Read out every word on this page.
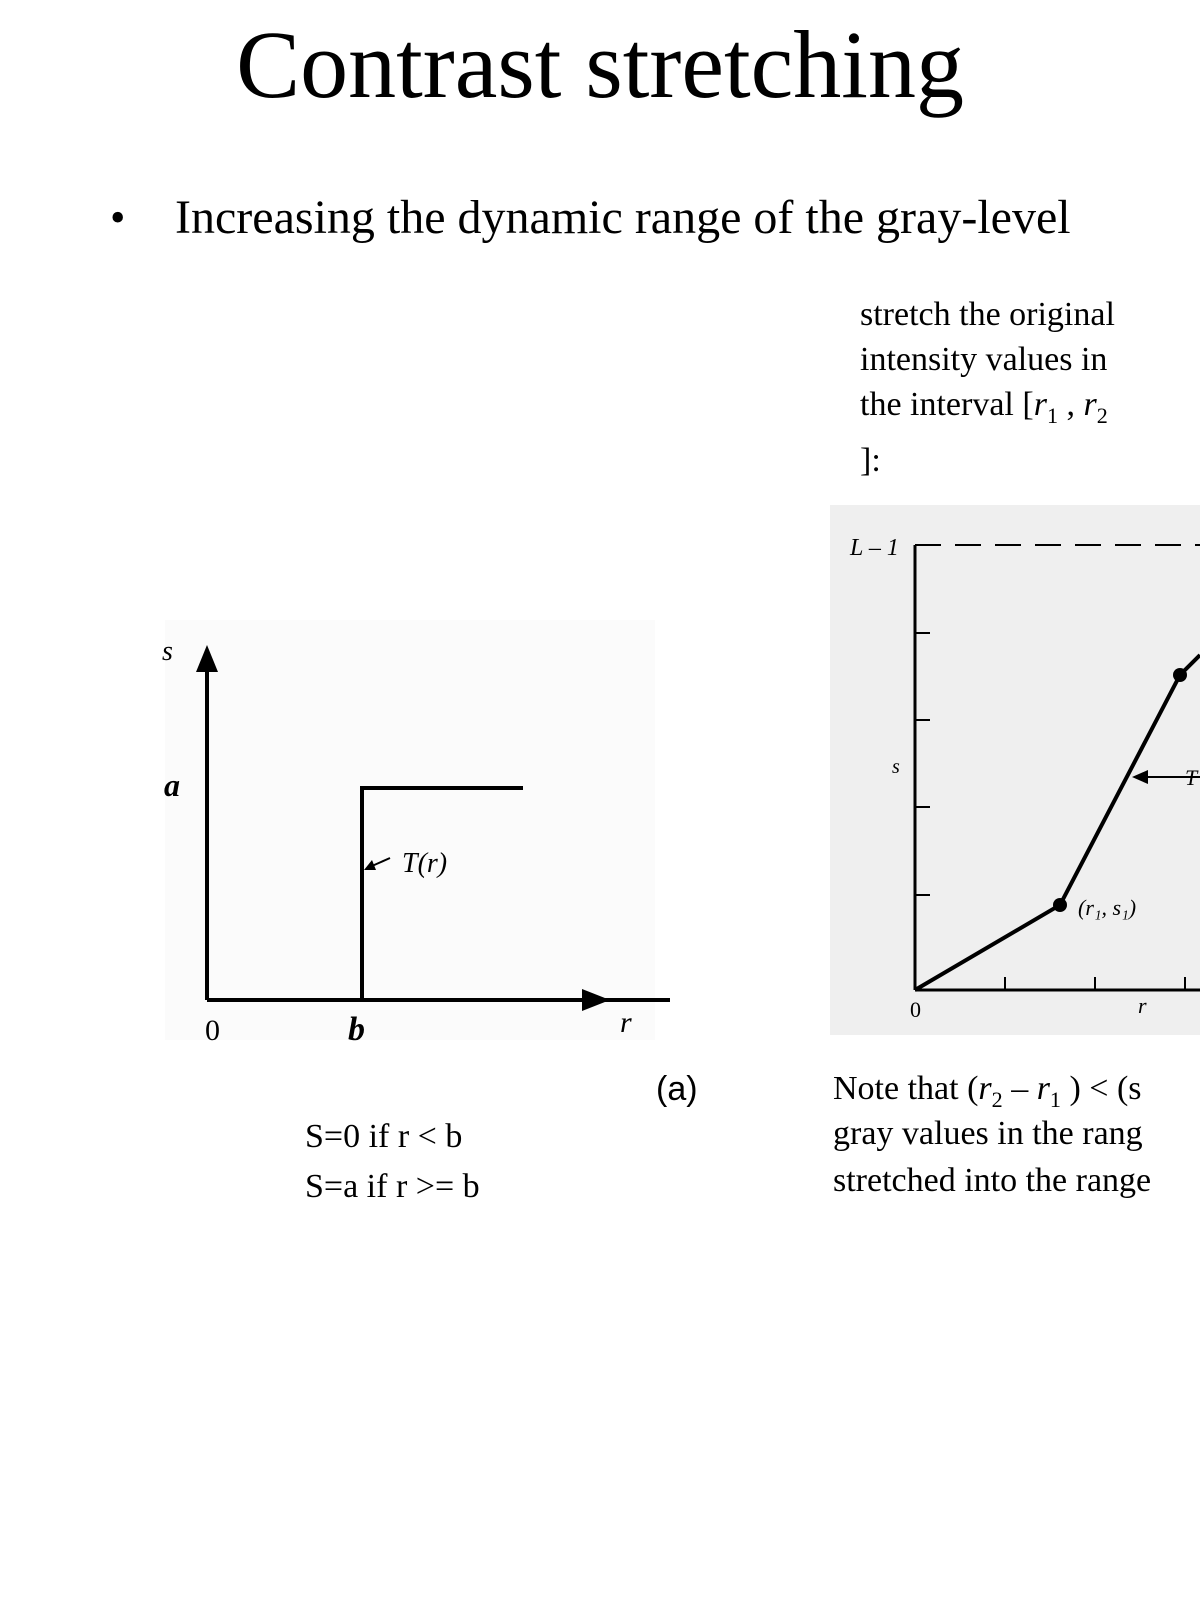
Contrast stretching
• Increasing the dynamic range of the gray-level
stretch the original
intensity values in
the interval [$r_1$ , $r_2$
]:
s
a
0	b	r
T(r)
L – 1
s
0	r
(r₁, s₁)
T
(a)
S=0 if r < b
S=a if r >= b
Note that ($r_2 - r_1$ ) < (s
gray values in the rang
stretched into the range
